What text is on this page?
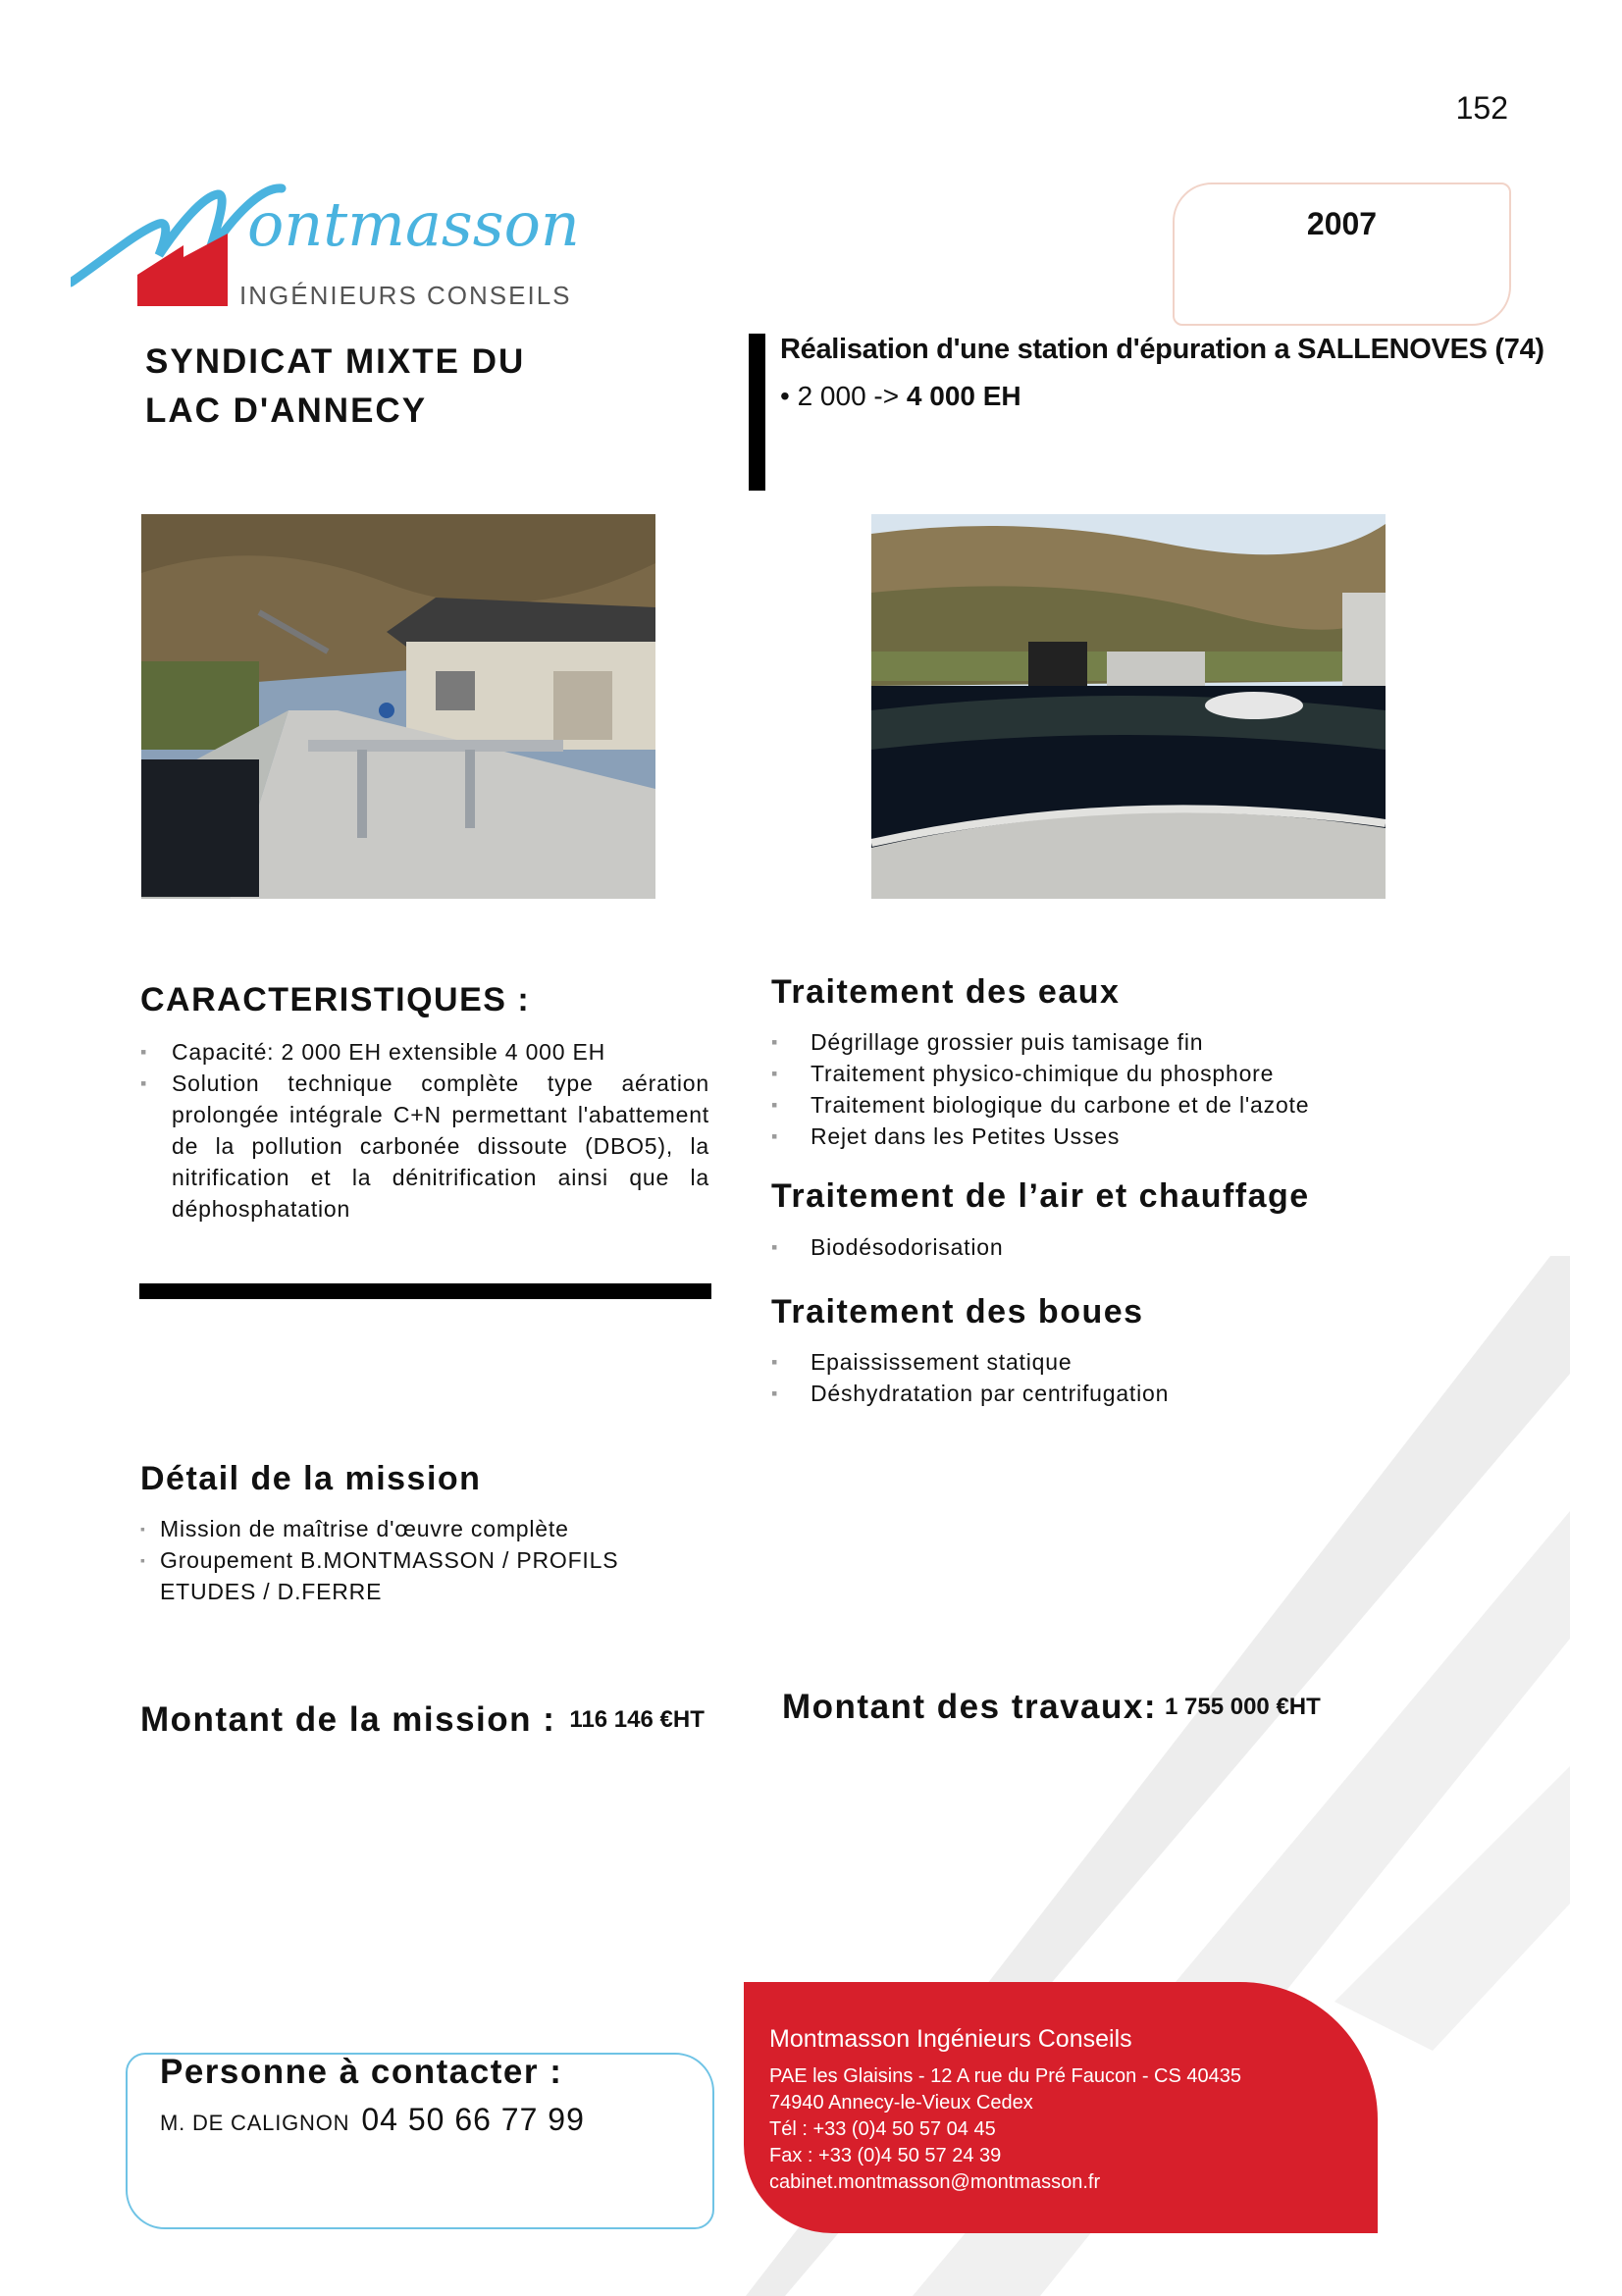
152
ontmasson
INGÉNIEURS CONSEILS
2007
SYNDICAT MIXTE DU
LAC D'ANNECY
Réalisation d'une station d'épuration a SALLENOVES (74)
• 2 000 -> 4 000 EH
CARACTERISTIQUES :
▪ Capacité: 2 000 EH extensible 4 000 EH
▪ Solution technique complète type aération prolongée intégrale C+N permettant l'abattement de la pollution carbonée dissoute (DBO5), la nitrification et la dénitrification ainsi que la déphosphatation
Traitement des eaux
▪ Dégrillage grossier puis tamisage fin
▪ Traitement physico-chimique du phosphore
▪ Traitement biologique du carbone et de l'azote
▪ Rejet dans les Petites Usses
Traitement de l’air et chauffage
▪ Biodésodorisation
Traitement des boues
▪ Epaississement statique
▪ Déshydratation par centrifugation
Détail de la mission
▪ Mission de maîtrise d'œuvre complète
▪ Groupement B.MONTMASSON / PROFILS ETUDES / D.FERRE
Montant de la mission : 116 146 €HT Montant des travaux: 1 755 000 €HT
Personne à contacter :
M. DE CALIGNON 04 50 66 77 99
Montmasson Ingénieurs Conseils
PAE les Glaisins - 12 A rue du Pré Faucon - CS 40435
74940 Annecy-le-Vieux Cedex
Tél : +33 (0)4 50 57 04 45
Fax : +33 (0)4 50 57 24 39
cabinet.montmasson@montmasson.fr
